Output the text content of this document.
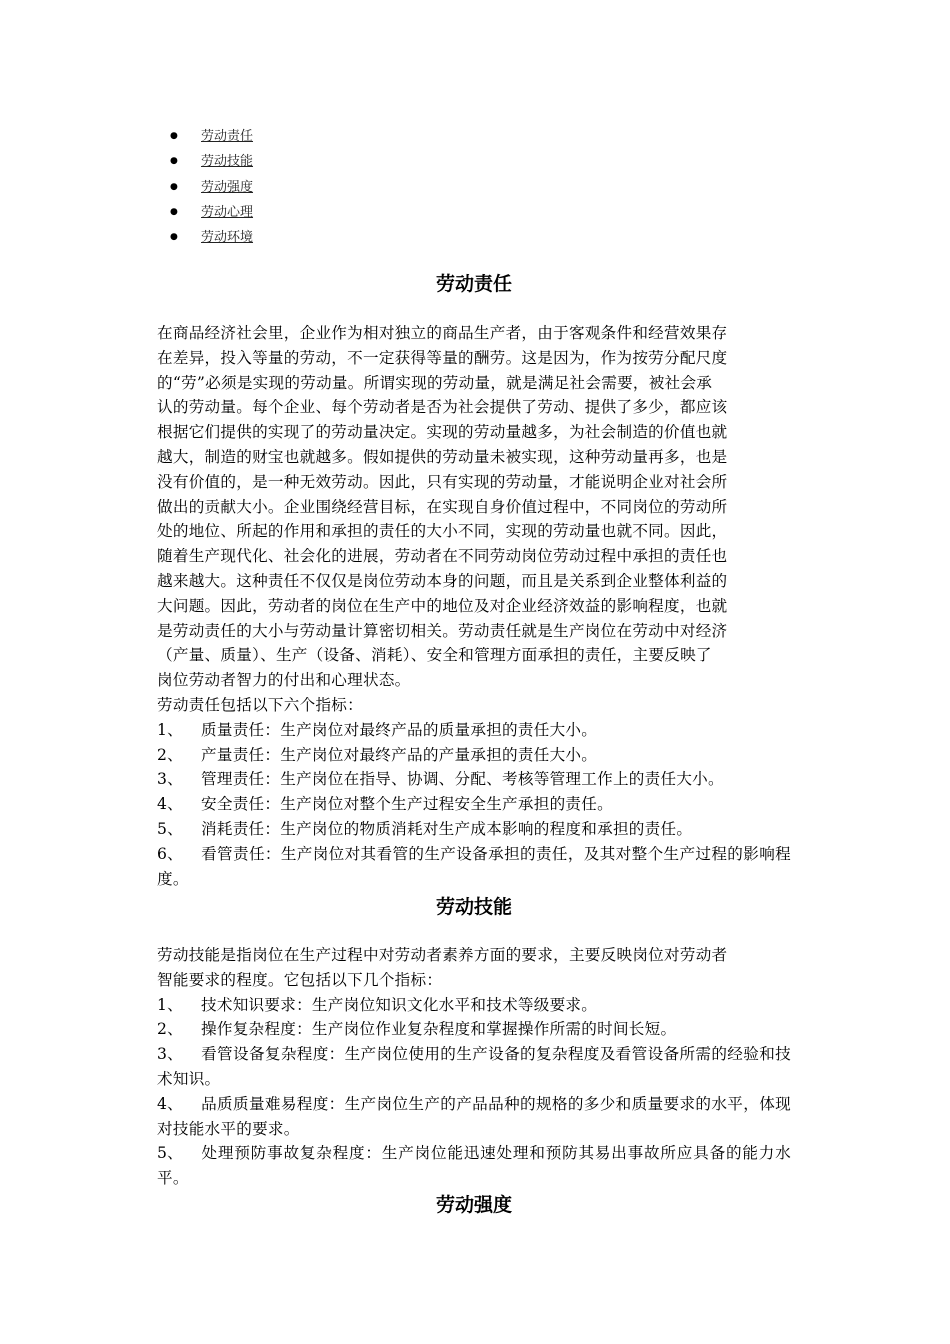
● 劳动责任
● 劳动技能
● 劳动强度
● 劳动心理
● 劳动环境
劳动责任
在商品经济社会里，企业作为相对独立的商品生产者，由于客观条件和经营效果存
在差异，投入等量的劳动，不一定获得等量的酬劳。这是因为，作为按劳分配尺度
的“劳”必须是实现的劳动量。所谓实现的劳动量，就是满足社会需要，被社会承
认的劳动量。每个企业、每个劳动者是否为社会提供了劳动、提供了多少，都应该
根据它们提供的实现了的劳动量决定。实现的劳动量越多，为社会制造的价值也就
越大，制造的财宝也就越多。假如提供的劳动量未被实现，这种劳动量再多，也是
没有价值的，是一种无效劳动。因此，只有实现的劳动量，才能说明企业对社会所
做出的贡献大小。企业围绕经营目标，在实现自身价值过程中，不同岗位的劳动所
处的地位、所起的作用和承担的责任的大小不同，实现的劳动量也就不同。因此，
随着生产现代化、社会化的进展，劳动者在不同劳动岗位劳动过程中承担的责任也
越来越大。这种责任不仅仅是岗位劳动本身的问题，而且是关系到企业整体利益的
大问题。因此，劳动者的岗位在生产中的地位及对企业经济效益的影响程度，也就
是劳动责任的大小与劳动量计算密切相关。劳动责任就是生产岗位在劳动中对经济
（产量、质量）、生产（设备、消耗）、安全和管理方面承担的责任，主要反映了
岗位劳动者智力的付出和心理状态。
劳动责任包括以下六个指标：
1、 质量责任：生产岗位对最终产品的质量承担的责任大小。
2、 产量责任：生产岗位对最终产品的产量承担的责任大小。
3、 管理责任：生产岗位在指导、协调、分配、考核等管理工作上的责任大小。
4、 安全责任：生产岗位对整个生产过程安全生产承担的责任。
5、 消耗责任：生产岗位的物质消耗对生产成本影响的程度和承担的责任。
6、 看管责任：生产岗位对其看管的生产设备承担的责任，及其对整个生产过程的影响程度。
劳动技能
劳动技能是指岗位在生产过程中对劳动者素养方面的要求，主要反映岗位对劳动者
智能要求的程度。它包括以下几个指标：
1、 技术知识要求：生产岗位知识文化水平和技术等级要求。
2、 操作复杂程度：生产岗位作业复杂程度和掌握操作所需的时间长短。
3、 看管设备复杂程度：生产岗位使用的生产设备的复杂程度及看管设备所需的经验和技术知识。
4、 品质质量难易程度：生产岗位生产的产品品种的规格的多少和质量要求的水平，体现对技能水平的要求。
5、 处理预防事故复杂程度：生产岗位能迅速处理和预防其易出事故所应具备的能力水平。
劳动强度
